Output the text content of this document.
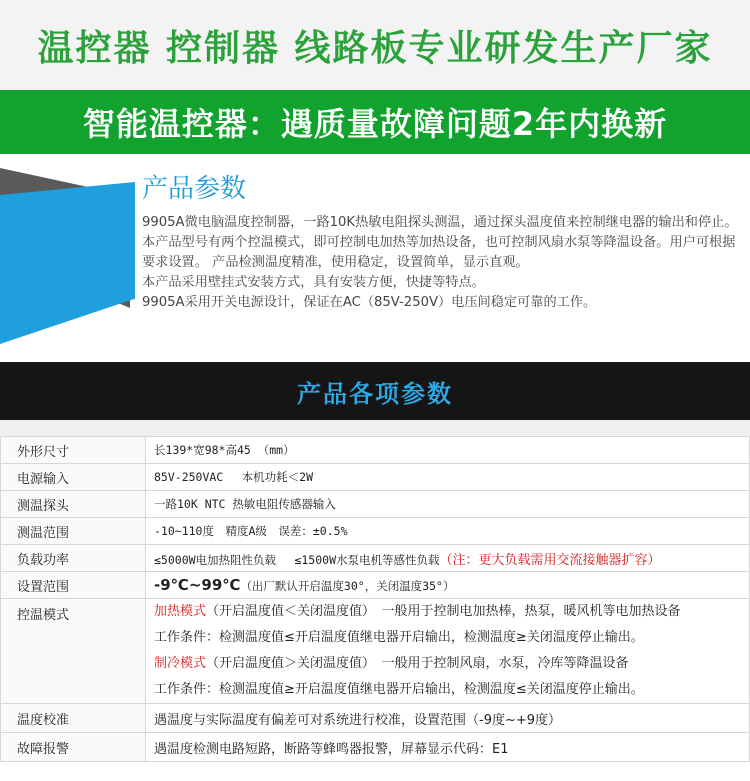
温控器 控制器 线路板专业研发生产厂家
智能温控器：遇质量故障问题2年内换新
产品参数

9905A微电脑温度控制器，一路10K热敏电阻探头测温，通过探头温度值来控制继电器的输出和停止。本产品型号有两个控温模式，即可控制电加热等加热设备，也可控制风扇水泵等降温设备。用户可根据要求设置。 产品检测温度精准，使用稳定，设置简单，显示直观。

本产品采用壁挂式安装方式，具有安装方便，快捷等特点。

9905A采用开关电源设计，保证在AC（85V-250V）电压间稳定可靠的工作。

产品各项参数
外形尺寸	长139*宽98*高45 （mm）
电源输入	85V-250VAC　 本机功耗＜2W
测温探头	一路10K NTC 热敏电阻传感器输入
测温范围	-10~110度　精度A级　误差：±0.5%
负载功率	≤5000W电加热阻性负载　 ≤1500W水泵电机等感性负载（注：更大负载需用交流接触器扩容）
设置范围	-9℃~99℃（出厂默认开启温度30°，关闭温度35°）
控温模式	加热模式（开启温度值＜关闭温度值）　一般用于控制电加热棒，热泵，暖风机等电加热设备
工作条件：检测温度值≤开启温度值继电器开启输出，检测温度≥关闭温度停止输出。
制冷模式（开启温度值＞关闭温度值）　一般用于控制风扇，水泵，冷库等降温设备
工作条件：检测温度值≥开启温度值继电器开启输出，检测温度≤关闭温度停止输出。

温度校准	遇温度与实际温度有偏差可对系统进行校准，设置范围（-9度~+9度）
故障报警	遇温度检测电路短路，断路等蜂鸣器报警，屏幕显示代码：E1
